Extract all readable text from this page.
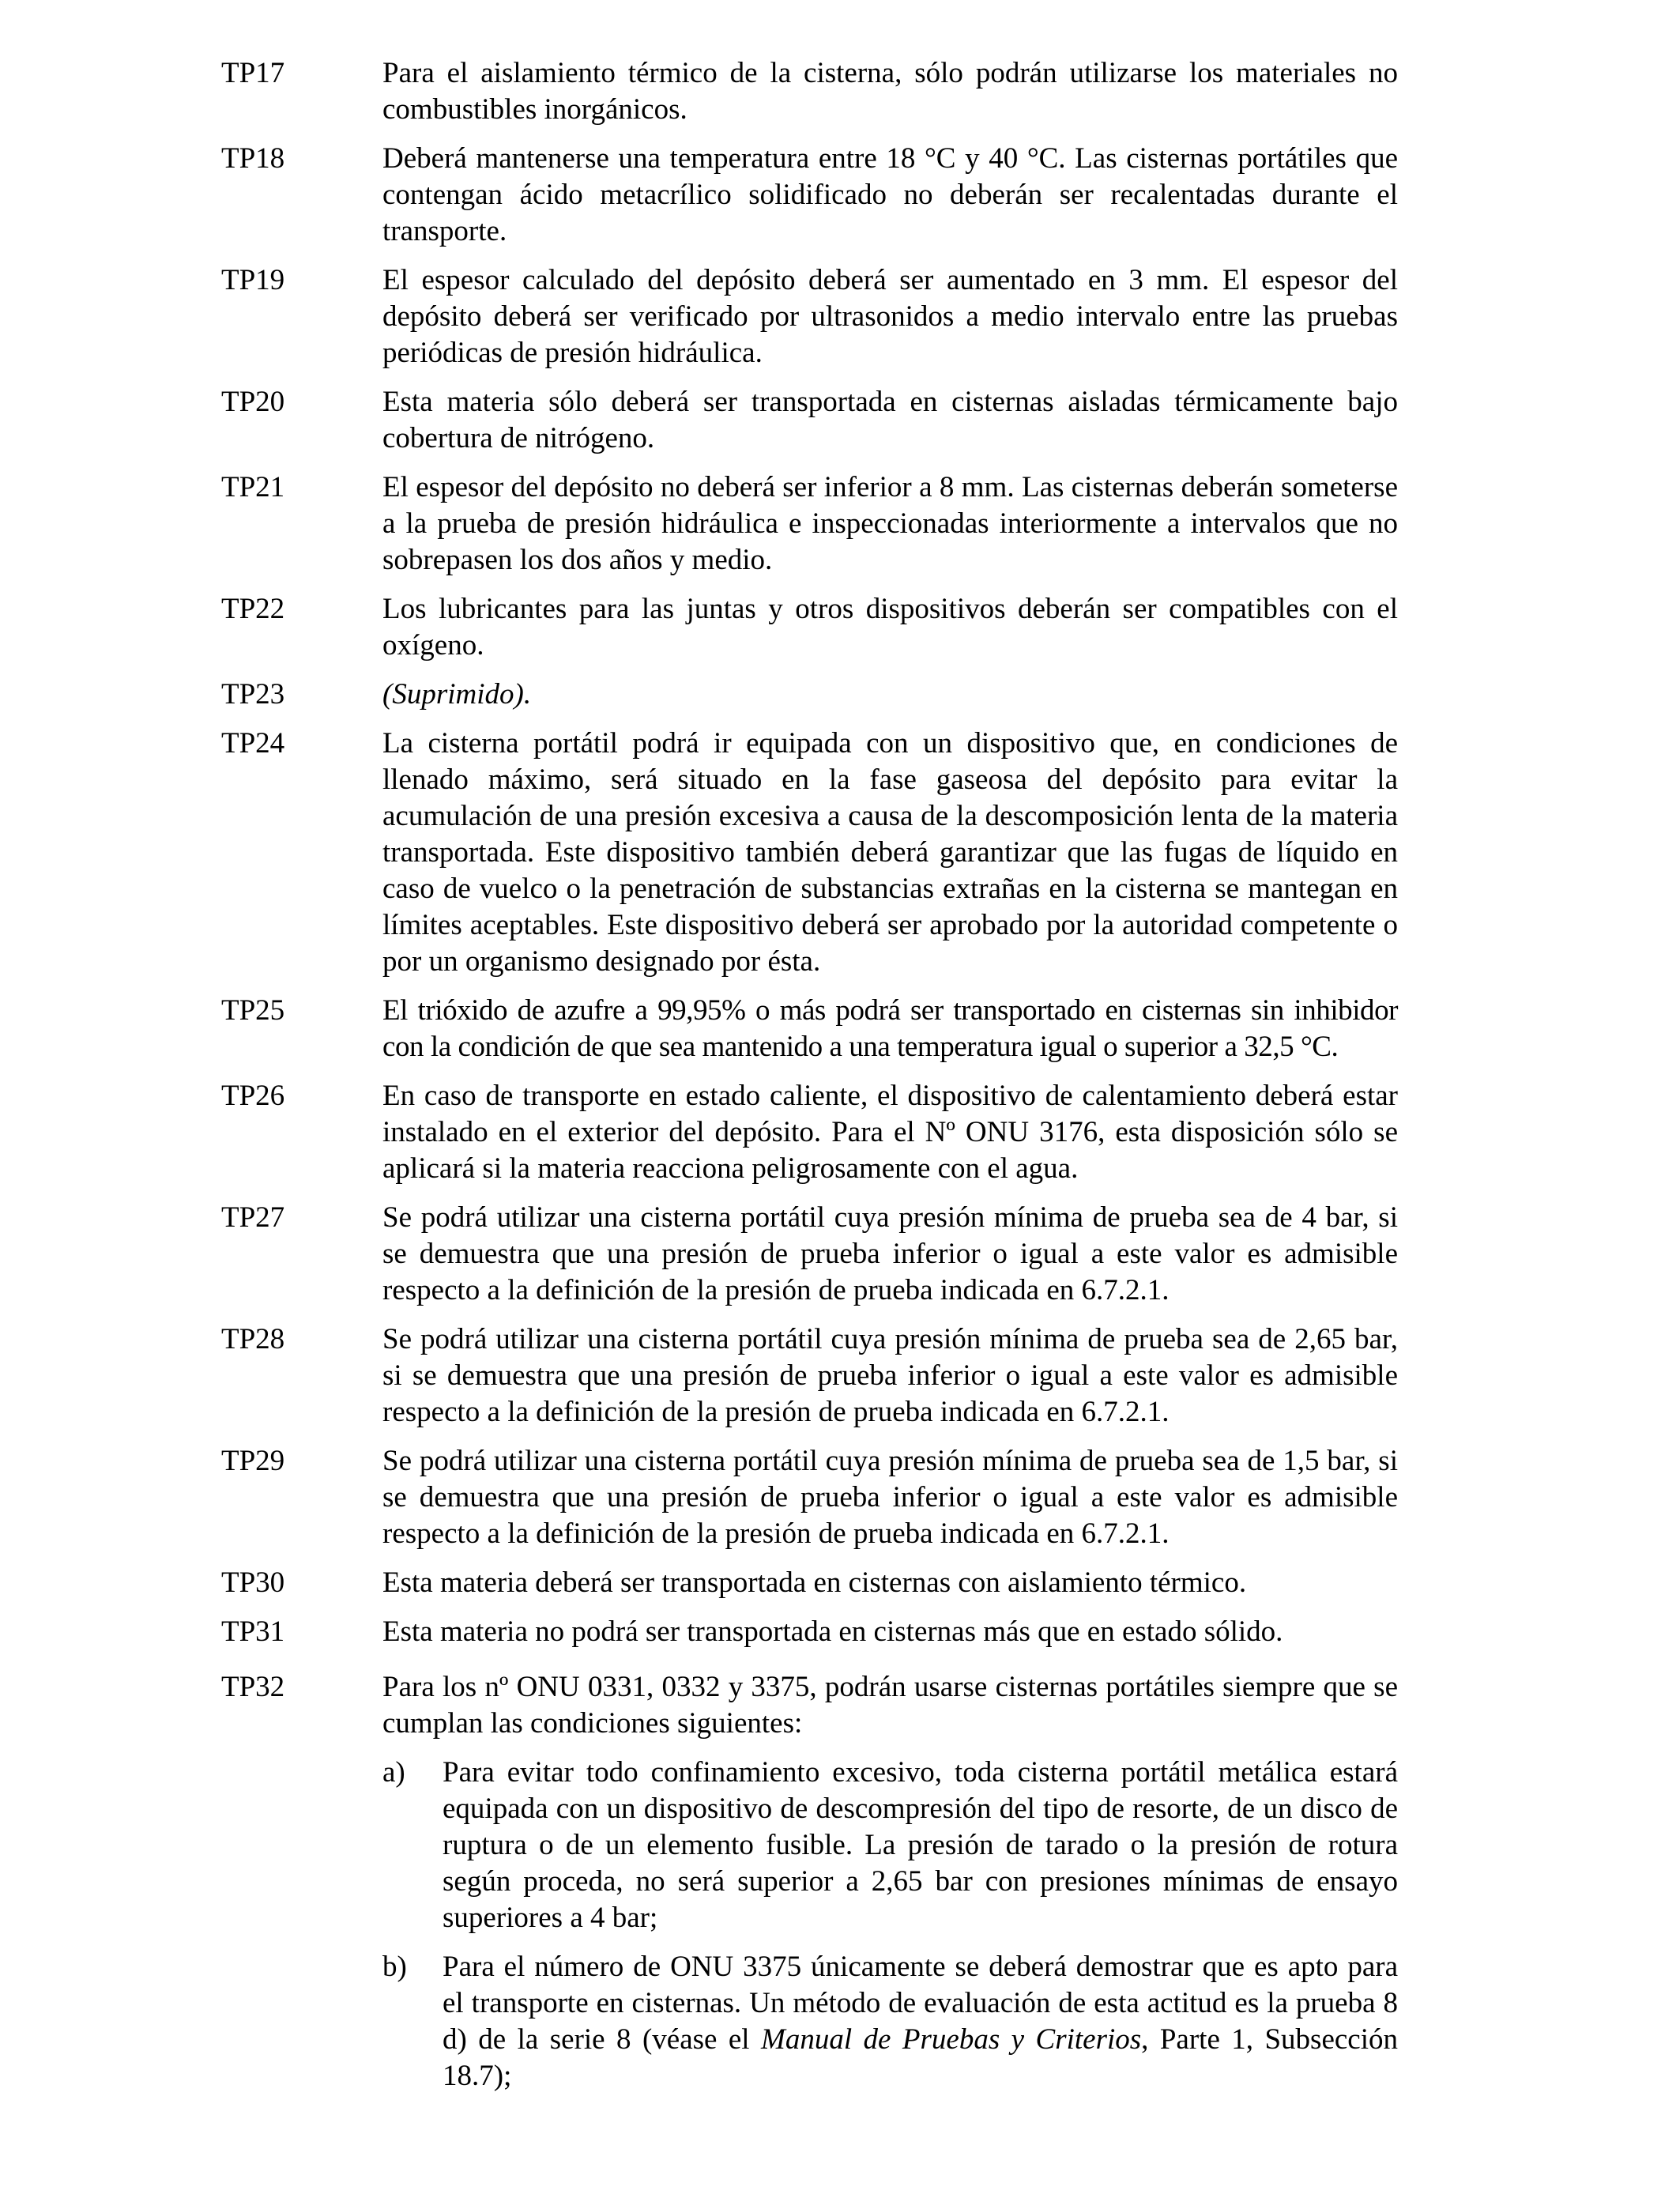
TP17	Para el aislamiento térmico de la cisterna, sólo podrán utilizarse los materiales no combustibles inorgánicos.
TP18	Deberá mantenerse una temperatura entre 18 °C y 40 °C. Las cisternas portátiles que contengan ácido metacrílico solidificado no deberán ser recalentadas durante el transporte.
TP19	El espesor calculado del depósito deberá ser aumentado en 3 mm. El espesor del depósito deberá ser verificado por ultrasonidos a medio intervalo entre las pruebas periódicas de presión hidráulica.
TP20	Esta materia sólo deberá ser transportada en cisternas aisladas térmicamente bajo cobertura de nitrógeno.
TP21	El espesor del depósito no deberá ser inferior a 8 mm. Las cisternas deberán someterse a la prueba de presión hidráulica e inspeccionadas interiormente a intervalos que no sobrepasen los dos años y medio.
TP22	Los lubricantes para las juntas y otros dispositivos deberán ser compatibles con el oxígeno.
TP23	(Suprimido).
TP24	La cisterna portátil podrá ir equipada con un dispositivo que, en condiciones de llenado máximo, será situado en la fase gaseosa del depósito para evitar la acumulación de una presión excesiva a causa de la descomposición lenta de la materia transportada. Este dispositivo también deberá garantizar que las fugas de líquido en caso de vuelco o la penetración de substancias extrañas en la cisterna se mantegan en límites aceptables. Este dispositivo deberá ser aprobado por la autoridad competente o por un organismo designado por ésta.
TP25	El trióxido de azufre a 99,95% o más podrá ser transportado en cisternas sin inhibidor con la condición de que sea mantenido a una temperatura igual o superior a 32,5 °C.
TP26	En caso de transporte en estado caliente, el dispositivo de calentamiento deberá estar instalado en el exterior del depósito. Para el Nº ONU 3176, esta disposición sólo se aplicará si la materia reacciona peligrosamente con el agua.
TP27	Se podrá utilizar una cisterna portátil cuya presión mínima de prueba sea de 4 bar, si se demuestra que una presión de prueba inferior o igual a este valor es admisible respecto a la definición de la presión de prueba indicada en 6.7.2.1.
TP28	Se podrá utilizar una cisterna portátil cuya presión mínima de prueba sea de 2,65 bar, si se demuestra que una presión de prueba inferior o igual a este valor es admisible respecto a la definición de la presión de prueba indicada en 6.7.2.1.
TP29	Se podrá utilizar una cisterna portátil cuya presión mínima de prueba sea de 1,5 bar, si se demuestra que una presión de prueba inferior o igual a este valor es admisible respecto a la definición de la presión de prueba indicada en 6.7.2.1.
TP30	Esta materia deberá ser transportada en cisternas con aislamiento térmico.
TP31	Esta materia no podrá ser transportada en cisternas más que en estado sólido.
TP32	Para los nº ONU 0331, 0332 y 3375, podrán usarse cisternas portátiles siempre que se cumplan las condiciones siguientes:
a)	Para evitar todo confinamiento excesivo, toda cisterna portátil metálica estará equipada con un dispositivo de descompresión del tipo de resorte, de un disco de ruptura o de un elemento fusible. La presión de tarado o la presión de rotura según proceda, no será superior a 2,65 bar con presiones mínimas de ensayo superiores a 4 bar;
b)	Para el número de ONU 3375 únicamente se deberá demostrar que es apto para el transporte en cisternas. Un método de evaluación de esta actitud es la prueba 8 d) de la serie 8 (véase el Manual de Pruebas y Criterios, Parte 1, Subsección 18.7);
